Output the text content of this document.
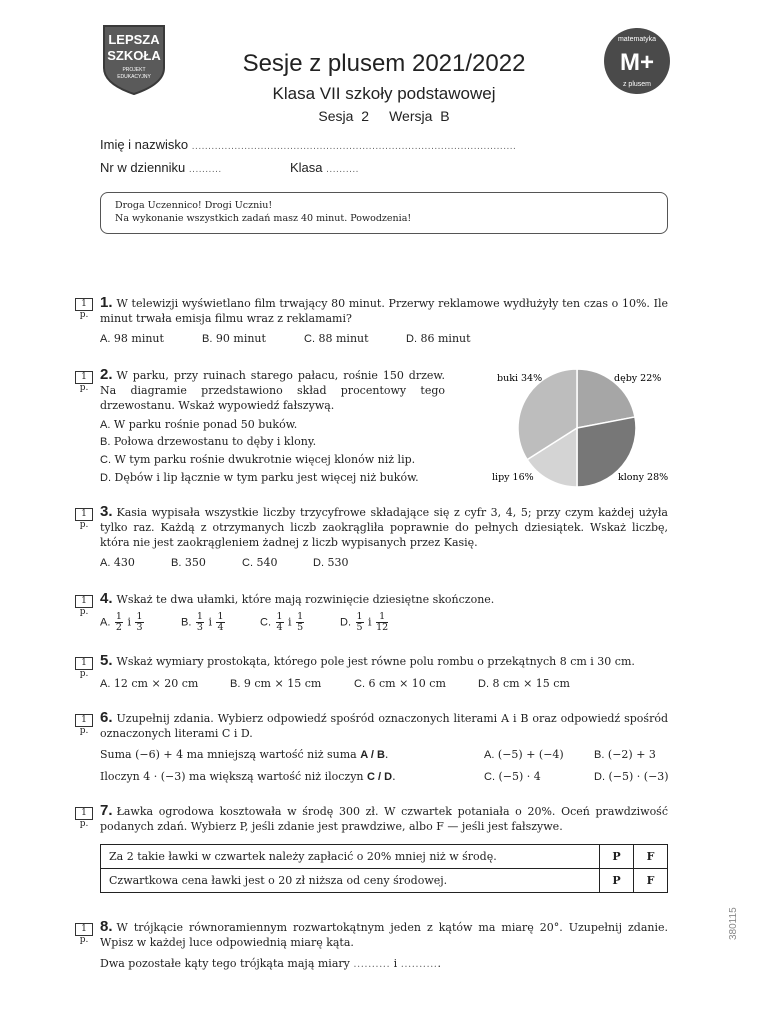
LEPSZA
SZKOŁA
PROJEKT
EDUKACYJNY
M+
matematyka
z plusem
Sesje z plusem 2021/2022
Klasa VII szkoły podstawowej
Sesja 2 Wersja B
Imię i nazwisko ...................................................................................................
Nr w dzienniku ..........	Klasa ..........
Droga Uczennico! Drogi Uczniu!
Na wykonanie wszystkich zadań masz 40 minut. Powodzenia!
1 p.
1. W telewizji wyświetlano film trwający 80 minut. Przerwy reklamowe wydłużyły ten czas o 10%. Ile minut trwała emisja filmu wraz z reklamami?
A. 98 minut	B. 90 minut	C. 88 minut	D. 86 minut
1 p.
2. W parku, przy ruinach starego pałacu, rośnie 150 drzew. Na diagramie przedstawiono skład procentowy tego drzewostanu. Wskaż wypowiedź fałszywą.
A. W parku rośnie ponad 50 buków.
B. Połowa drzewostanu to dęby i klony.
C. W tym parku rośnie dwukrotnie więcej klonów niż lip.
D. Dębów i lip łącznie w tym parku jest więcej niż buków.
buki 34%	dęby 22%
lipy 16%	klony 28%
1 p.
3. Kasia wypisała wszystkie liczby trzycyfrowe składające się z cyfr 3, 4, 5; przy czym każdej użyła tylko raz. Każdą z otrzymanych liczb zaokrągliła poprawnie do pełnych dziesiątek. Wskaż liczbę, która nie jest zaokrągleniem żadnej z liczb wypisanych przez Kasię.
A. 430	B. 350	C. 540	D. 530
1 p.
4. Wskaż te dwa ułamki, które mają rozwinięcie dziesiętne skończone.
A. $\frac{1}{2}$ i $\frac{1}{3}$	B. $\frac{1}{3}$ i $\frac{1}{4}$	C. $\frac{1}{4}$ i $\frac{1}{5}$	D. $\frac{1}{5}$ i $\frac{1}{12}$
1 p.
5. Wskaż wymiary prostokąta, którego pole jest równe polu rombu o przekątnych 8 cm i 30 cm.
A. 12 cm × 20 cm	B. 9 cm × 15 cm	C. 6 cm × 10 cm	D. 8 cm × 15 cm
1 p.
6. Uzupełnij zdania. Wybierz odpowiedź spośród oznaczonych literami A i B oraz odpowiedź spośród oznaczonych literami C i D.
Suma (−6) + 4 ma mniejszą wartość niż suma A / B.	A. (−5) + (−4)	B. (−2) + 3
Iloczyn 4 · (−3) ma większą wartość niż iloczyn C / D.	C. (−5) · 4	D. (−5) · (−3)
1 p.
7. Ławka ogrodowa kosztowała w środę 300 zł. W czwartek potaniała o 20%. Oceń prawdziwość podanych zdań. Wybierz P, jeśli zdanie jest prawdziwe, albo F — jeśli jest fałszywe.
Za 2 takie ławki w czwartek należy zapłacić o 20% mniej niż w środę.	P	F
Czwartkowa cena ławki jest o 20 zł niższa od ceny środowej.	P	F
1 p.
8. W trójkącie równoramiennym rozwartokątnym jeden z kątów ma miarę 20°. Uzupełnij zdanie. Wpisz w każdej luce odpowiednią miarę kąta.
Dwa pozostałe kąty tego trójkąta mają miary .......... i ...........
380115
